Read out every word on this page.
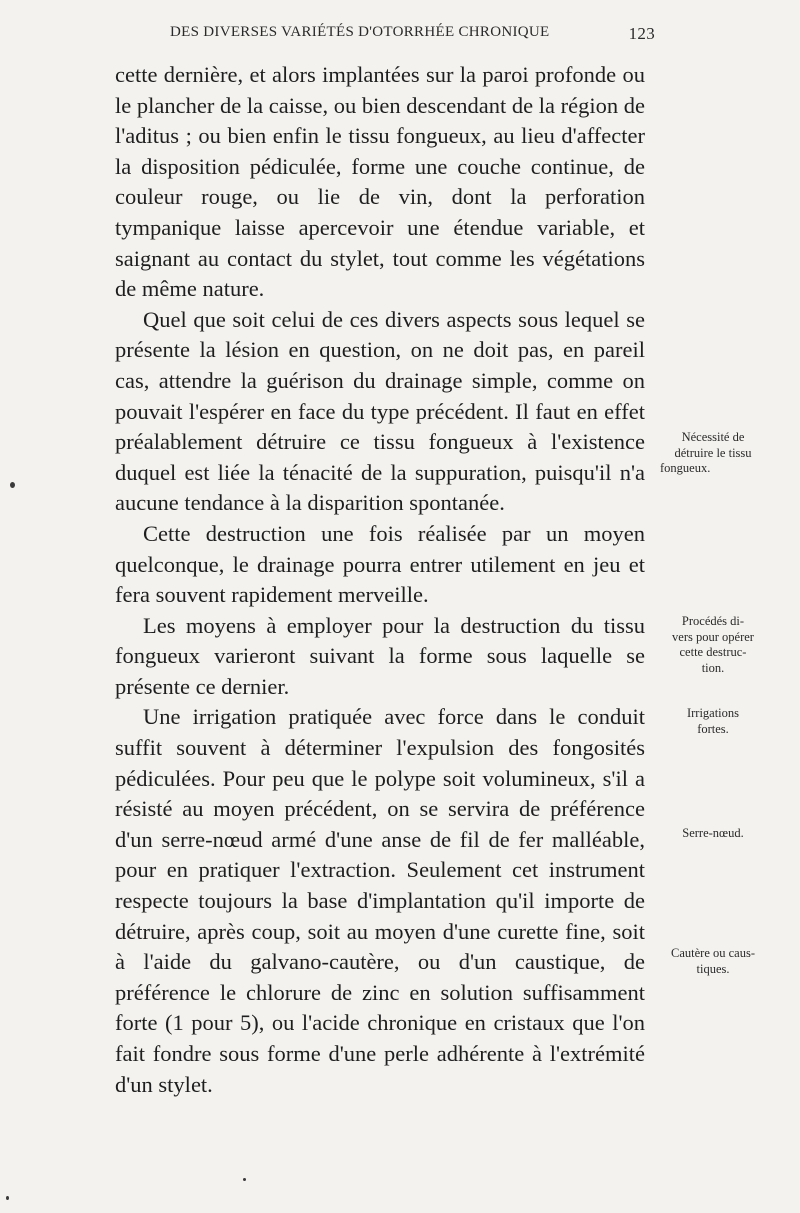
DES DIVERSES VARIÉTÉS D'OTORRHÉE CHRONIQUE	123

cette dernière, et alors implantées sur la paroi profonde ou le plancher de la caisse, ou bien descendant de la région de l'aditus ; ou bien enfin le tissu fongueux, au lieu d'affecter la disposition pédiculée, forme une couche continue, de couleur rouge, ou lie de vin, dont la perforation tympanique laisse apercevoir une étendue variable, et saignant au contact du stylet, tout comme les végétations de même nature.

Quel que soit celui de ces divers aspects sous lequel se présente la lésion en question, on ne doit pas, en pareil cas, attendre la guérison du drainage simple, comme on pouvait l'espérer en face du type précédent. Il faut en effet préalablement détruire ce tissu fongueux à l'existence duquel est liée la ténacité de la suppuration, puisqu'il n'a aucune tendance à la disparition spontanée.

Cette destruction une fois réalisée par un moyen quelconque, le drainage pourra entrer utilement en jeu et fera souvent rapidement merveille.

Les moyens à employer pour la destruction du tissu fongueux varieront suivant la forme sous laquelle se présente ce dernier.

Une irrigation pratiquée avec force dans le conduit suffit souvent à déterminer l'expulsion des fongosités pédiculées. Pour peu que le polype soit volumineux, s'il a résisté au moyen précédent, on se servira de préférence d'un serre-nœud armé d'une anse de fil de fer malléable, pour en pratiquer l'extraction. Seulement cet instrument respecte toujours la base d'implantation qu'il importe de détruire, après coup, soit au moyen d'une curette fine, soit à l'aide du galvano-cautère, ou d'un caustique, de préférence le chlorure de zinc en solution suffisamment forte (1 pour 5), ou l'acide chronique en cristaux que l'on fait fondre sous forme d'une perle adhérente à l'extrémité d'un stylet.

Nécessité de
détruire le tissu
fongueux.
Procédés di-
vers pour opérer
cette destruc-
tion.
Irrigations
fortes.
Serre-nœud.
Cautère ou caus-
tiques.
